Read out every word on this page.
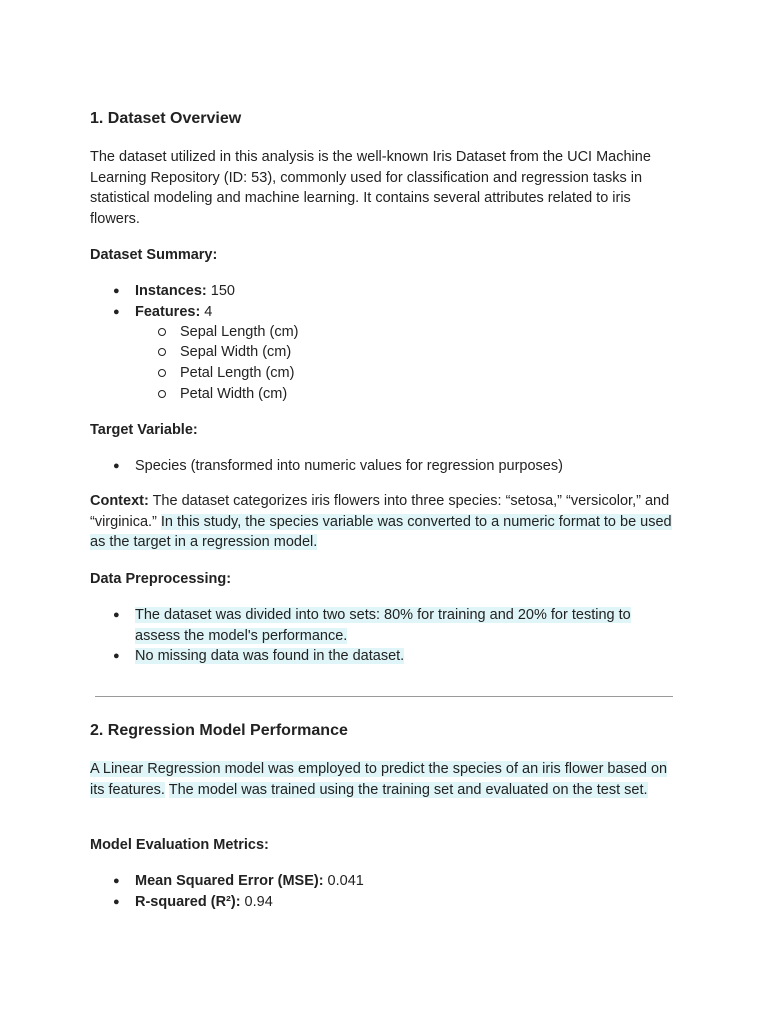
1. Dataset Overview
The dataset utilized in this analysis is the well-known Iris Dataset from the UCI Machine Learning Repository (ID: 53), commonly used for classification and regression tasks in statistical modeling and machine learning. It contains several attributes related to iris flowers.
Dataset Summary:
● Instances: 150
● Features: 4
Sepal Length (cm)
Sepal Width (cm)
Petal Length (cm)
Petal Width (cm)
Target Variable:
● Species (transformed into numeric values for regression purposes)
Context: The dataset categorizes iris flowers into three species: “setosa,” “versicolor,” and “virginica.” In this study, the species variable was converted to a numeric format to be used as the target in a regression model.
Data Preprocessing:
● The dataset was divided into two sets: 80% for training and 20% for testing to assess the model's performance.
● No missing data was found in the dataset.
2. Regression Model Performance
A Linear Regression model was employed to predict the species of an iris flower based on its features. The model was trained using the training set and evaluated on the test set.
Model Evaluation Metrics:
● Mean Squared Error (MSE): 0.041
● R-squared (R²): 0.94
